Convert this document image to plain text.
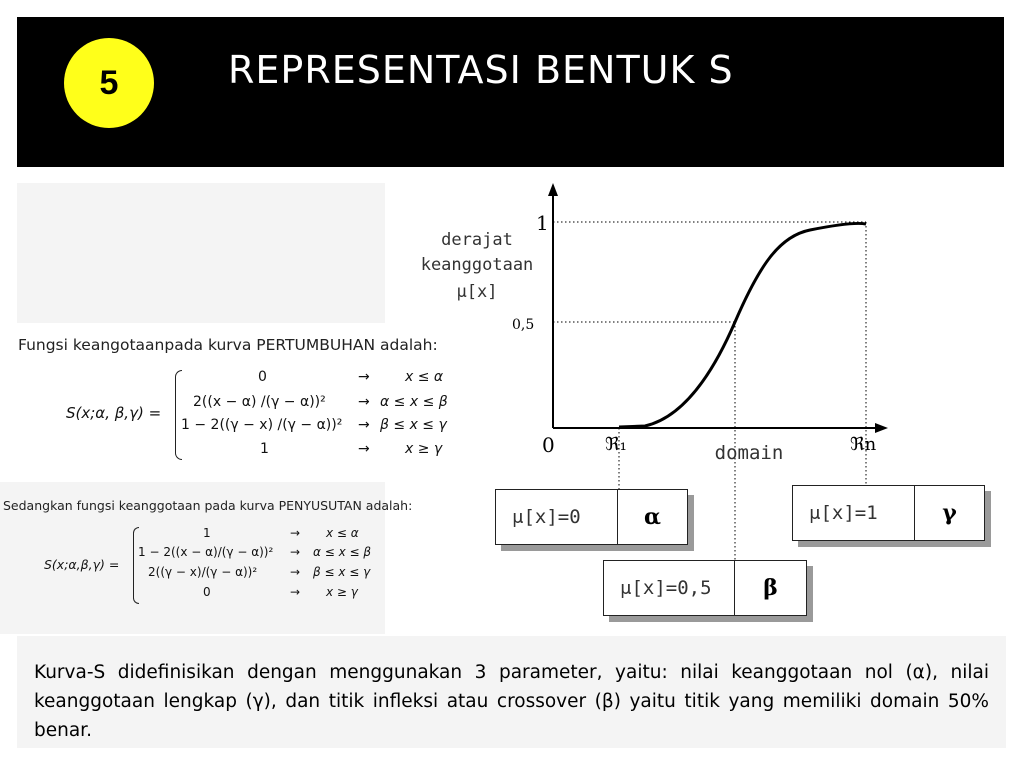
5	REPRESENTASI BENTUK S
Fungsi keangotaanpada kurva PERTUMBUHAN adalah:
S(x;α, β,γ) =
0	→	x ≤ α
2((x − α) /(γ − α))² → α ≤ x ≤ β
1 − 2((γ − x) /(γ − α))² → β ≤ x ≤ γ
1	→	x ≥ γ
Sedangkan fungsi keanggotaan pada kurva PENYUSUTAN adalah:
S(x;α,β,γ) =
1	→ x ≤ α
1 − 2((x − α)/(γ − α))² → α ≤ x ≤ β
2((γ − x)/(γ − α))²	→ β ≤ x ≤ γ
0	→ x ≥ γ
derajat
keanggotaan
μ[x]
1
0,5
0	ℜ₁	ℜn
domain
μ[x]=0	α	μ[x]=1	γ
μ[x]=0,5	β

Kurva-S didefinisikan dengan menggunakan 3 parameter, yaitu: nilai keanggotaan nol (α), nilai keanggotaan lengkap (γ), dan titik infleksi atau crossover (β) yaitu titik yang memiliki domain 50% benar.
